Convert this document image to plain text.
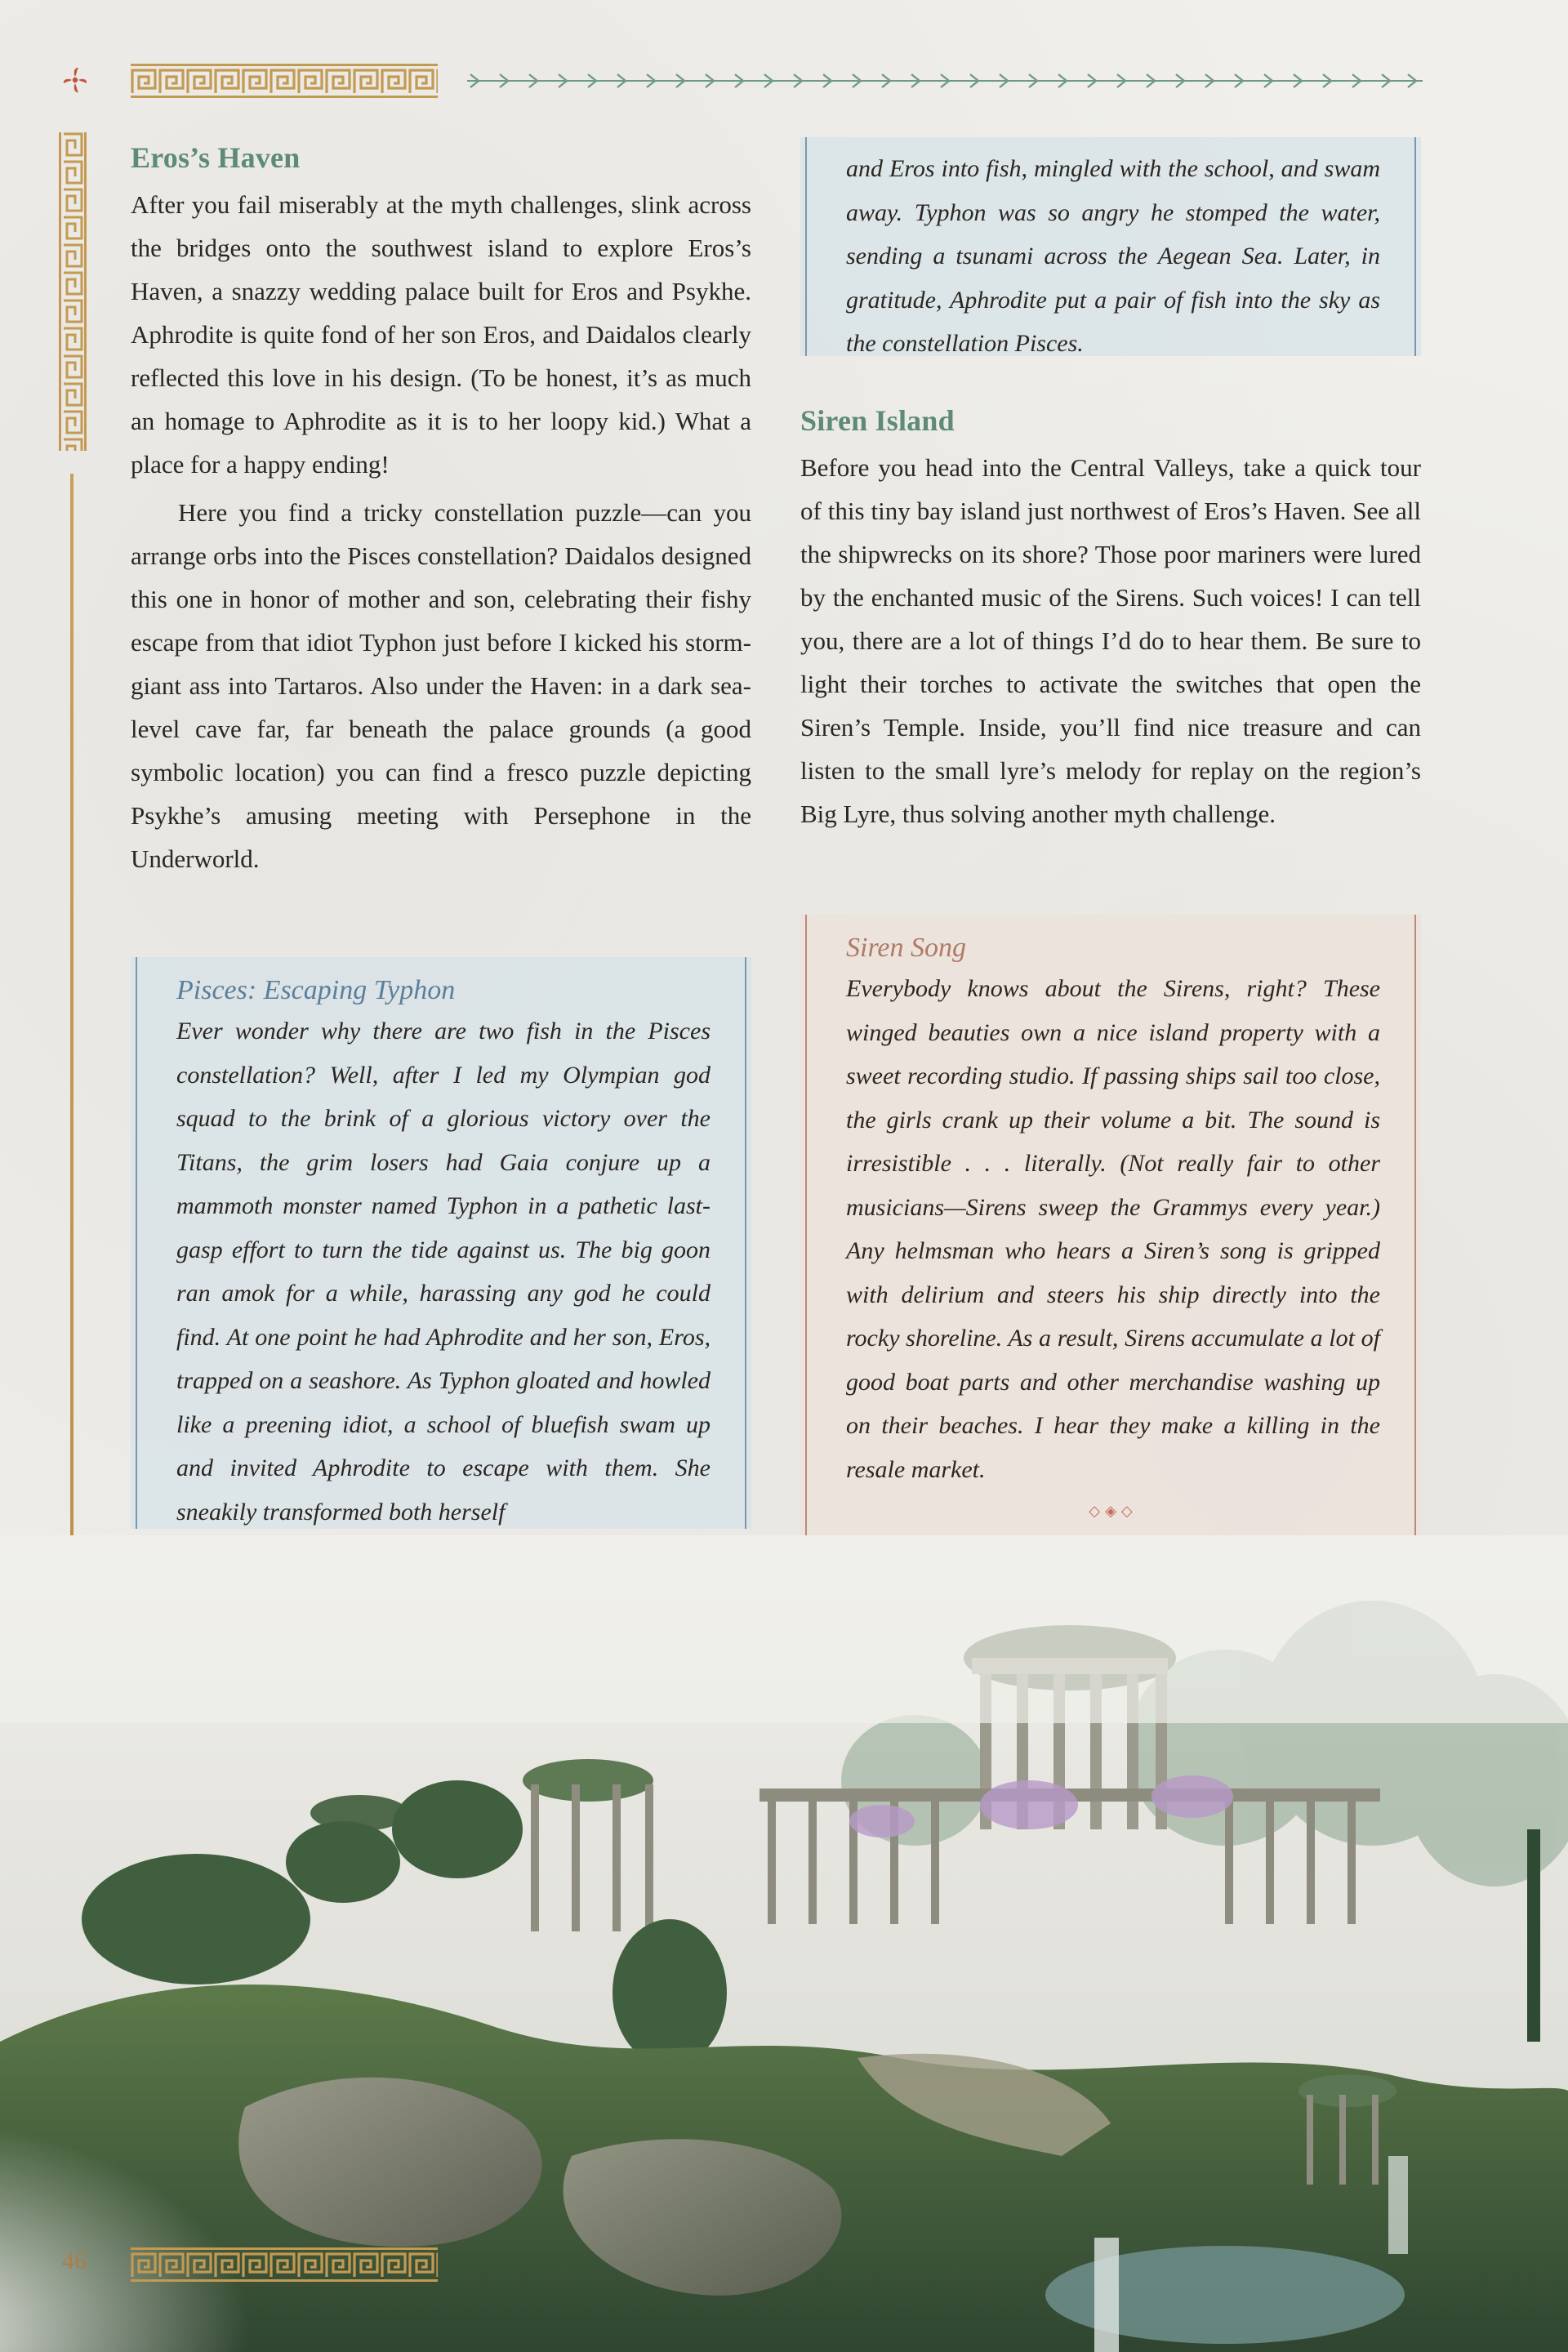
Eros’s Haven

After you fail miserably at the myth challenges, slink across the bridges onto the southwest island to explore Eros’s Haven, a snazzy wedding palace built for Eros and Psykhe. Aphrodite is quite fond of her son Eros, and Daidalos clearly reflected this love in his design. (To be honest, it’s as much an homage to Aphrodite as it is to her loopy kid.) What a place for a happy ending!

Here you find a tricky constellation puzzle—can you arrange orbs into the Pisces constellation? Daidalos designed this one in honor of mother and son, celebrating their fishy escape from that idiot Typhon just before I kicked his storm-giant ass into Tartaros. Also under the Haven: in a dark sea-level cave far, far beneath the palace grounds (a good symbolic location) you can find a fresco puzzle depicting Psykhe’s amusing meeting with Persephone in the Underworld.

Pisces: Escaping Typhon

Ever wonder why there are two fish in the Pisces constellation? Well, after I led my Olympian god squad to the brink of a glorious victory over the Titans, the grim losers had Gaia conjure up a mammoth monster named Typhon in a pathetic last-gasp effort to turn the tide against us. The big goon ran amok for a while, harassing any god he could find. At one point he had Aphrodite and her son, Eros, trapped on a seashore. As Typhon gloated and howled like a preening idiot, a school of bluefish swam up and invited Aphrodite to escape with them. She sneakily transformed both herself

and Eros into fish, mingled with the school, and swam away. Typhon was so angry he stomped the water, sending a tsunami across the Aegean Sea. Later, in gratitude, Aphrodite put a pair of fish into the sky as the constellation Pisces.

Siren Island

Before you head into the Central Valleys, take a quick tour of this tiny bay island just northwest of Eros’s Haven. See all the shipwrecks on its shore? Those poor mariners were lured by the enchanted music of the Sirens. Such voices! I can tell you, there are a lot of things I’d do to hear them. Be sure to light their torches to activate the switches that open the Siren’s Temple. Inside, you’ll find nice treasure and can listen to the small lyre’s melody for replay on the region’s Big Lyre, thus solving another myth challenge.

Siren Song

Everybody knows about the Sirens, right? These winged beauties own a nice island property with a sweet recording studio. If passing ships sail too close, the girls crank up their volume a bit. The sound is irresistible . . . literally. (Not really fair to other musicians—Sirens sweep the Grammys every year.) Any helmsman who hears a Siren’s song is gripped with delirium and steers his ship directly into the rocky shoreline. As a result, Sirens accumulate a lot of good boat parts and other merchandise washing up on their beaches. I hear they make a killing in the resale market.

◇◈◇
46
